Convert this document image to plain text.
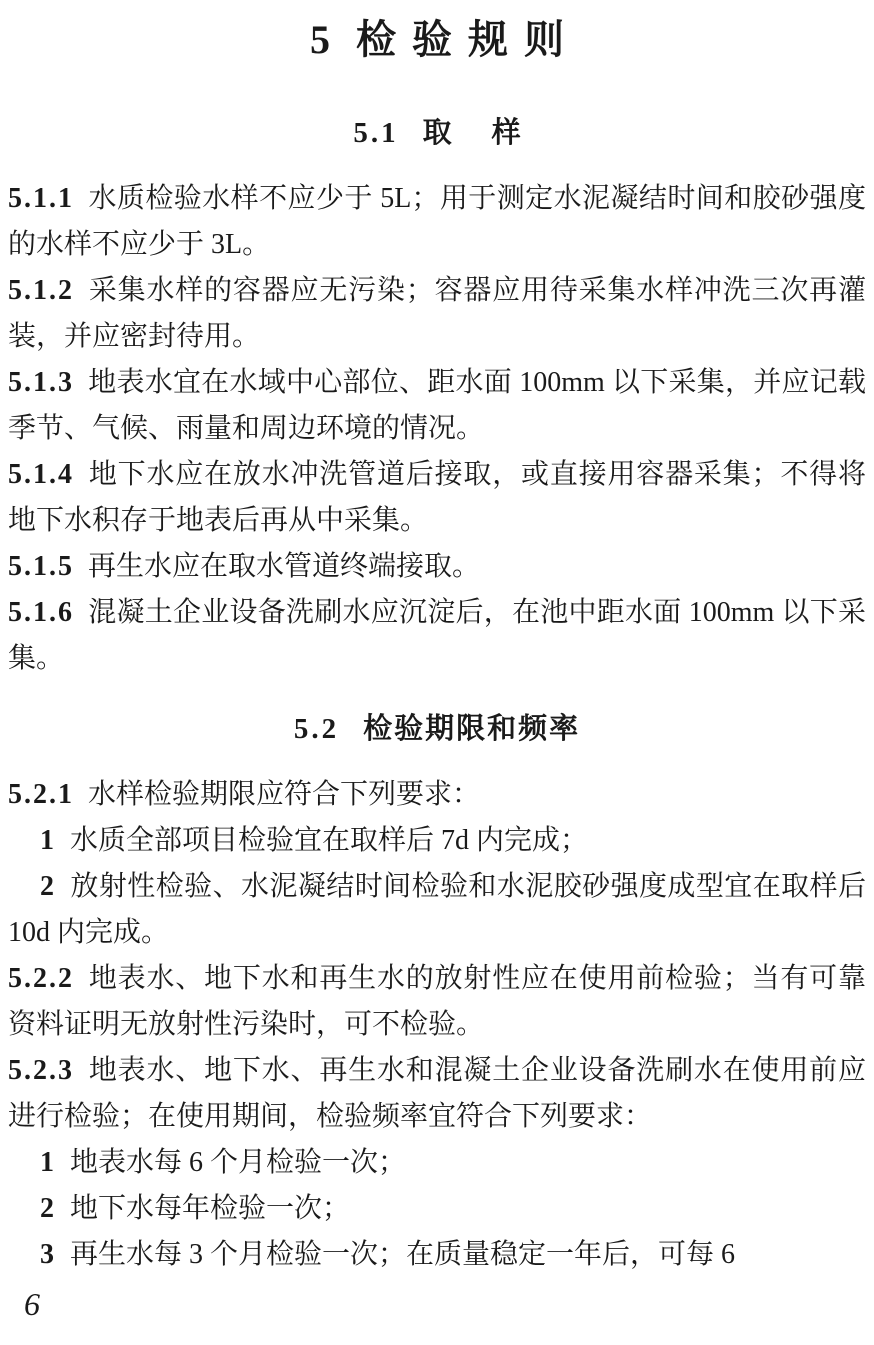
5 检验规则
5.1 取样

5.1.1 水质检验水样不应少于 5L；用于测定水泥凝结时间和胶砂强度的水样不应少于 3L。

5.1.2 采集水样的容器应无污染；容器应用待采集水样冲洗三次再灌装，并应密封待用。

5.1.3 地表水宜在水域中心部位、距水面 100mm 以下采集，并应记载季节、气候、雨量和周边环境的情况。

5.1.4 地下水应在放水冲洗管道后接取，或直接用容器采集；不得将地下水积存于地表后再从中采集。

5.1.5 再生水应在取水管道终端接取。

5.1.6 混凝土企业设备洗刷水应沉淀后，在池中距水面 100mm 以下采集。

5.2 检验期限和频率

5.2.1 水样检验期限应符合下列要求：

1 水质全部项目检验宜在取样后 7d 内完成；

2 放射性检验、水泥凝结时间检验和水泥胶砂强度成型宜在取样后 10d 内完成。

5.2.2 地表水、地下水和再生水的放射性应在使用前检验；当有可靠资料证明无放射性污染时，可不检验。

5.2.3 地表水、地下水、再生水和混凝土企业设备洗刷水在使用前应进行检验；在使用期间，检验频率宜符合下列要求：

1 地表水每 6 个月检验一次；

2 地下水每年检验一次；

3 再生水每 3 个月检验一次；在质量稳定一年后，可每 6

6
